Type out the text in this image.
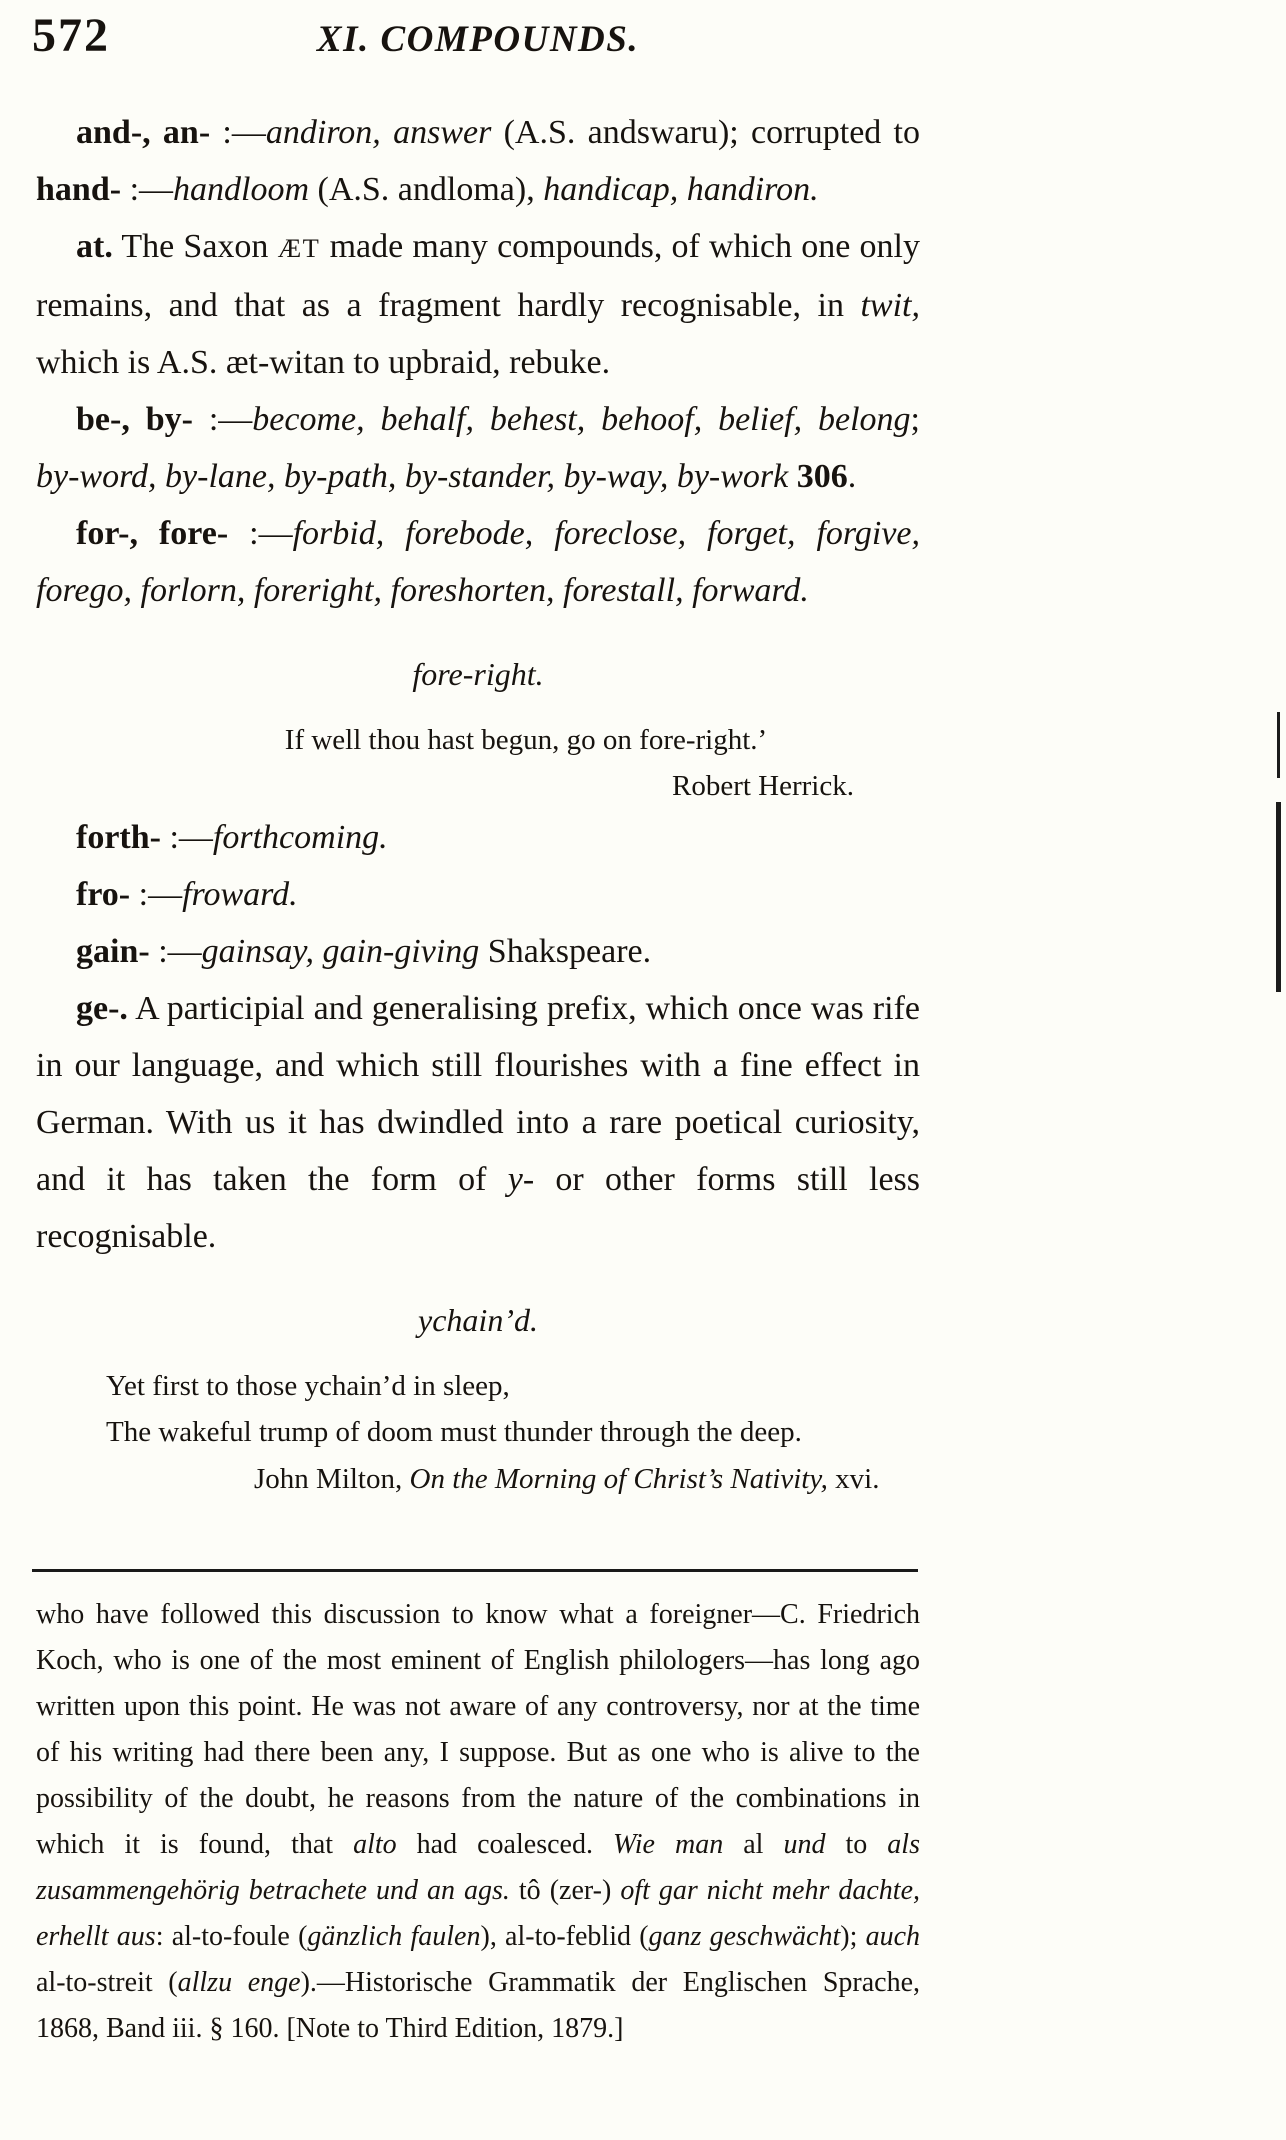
572	XI. COMPOUNDS.

and-, an- :—andiron, answer (A.S. andswaru); corrupted to hand- :—handloom (A.S. andloma), handicap, handiron.

at. The Saxon ÆT made many compounds, of which one only remains, and that as a fragment hardly recognisable, in twit, which is A.S. æt-witan to upbraid, rebuke.

be-, by- :—become, behalf, behest, behoof, belief, belong; by-word, by-lane, by-path, by-stander, by-way, by-work 306.

for-, fore- :—forbid, forebode, foreclose, forget, forgive, forego, forlorn, foreright, foreshorten, forestall, forward.

fore-right.
If well thou hast begun, go on fore-right.’
Robert Herrick.

forth- :—forthcoming.

fro- :—froward.

gain- :—gainsay, gain-giving Shakspeare.

ge-. A participial and generalising prefix, which once was rife in our language, and which still flourishes with a fine effect in German. With us it has dwindled into a rare poetical curiosity, and it has taken the form of y- or other forms still less recognisable.

ychain’d.
Yet first to those ychain’d in sleep,
The wakeful trump of doom must thunder through the deep.
John Milton, On the Morning of Christ’s Nativity, xvi.

who have followed this discussion to know what a foreigner—C. Friedrich Koch, who is one of the most eminent of English philologers—has long ago written upon this point. He was not aware of any controversy, nor at the time of his writing had there been any, I suppose. But as one who is alive to the possibility of the doubt, he reasons from the nature of the combinations in which it is found, that alto had coalesced. Wie man al und to als zusammengehörig betrachete und an ags. tô (zer-) oft gar nicht mehr dachte, erhellt aus: al-to-foule (gänzlich faulen), al-to-feblid (ganz geschwächt); auch al-to-streit (allzu enge).—Historische Grammatik der Englischen Sprache, 1868, Band iii. § 160. [Note to Third Edition, 1879.]
